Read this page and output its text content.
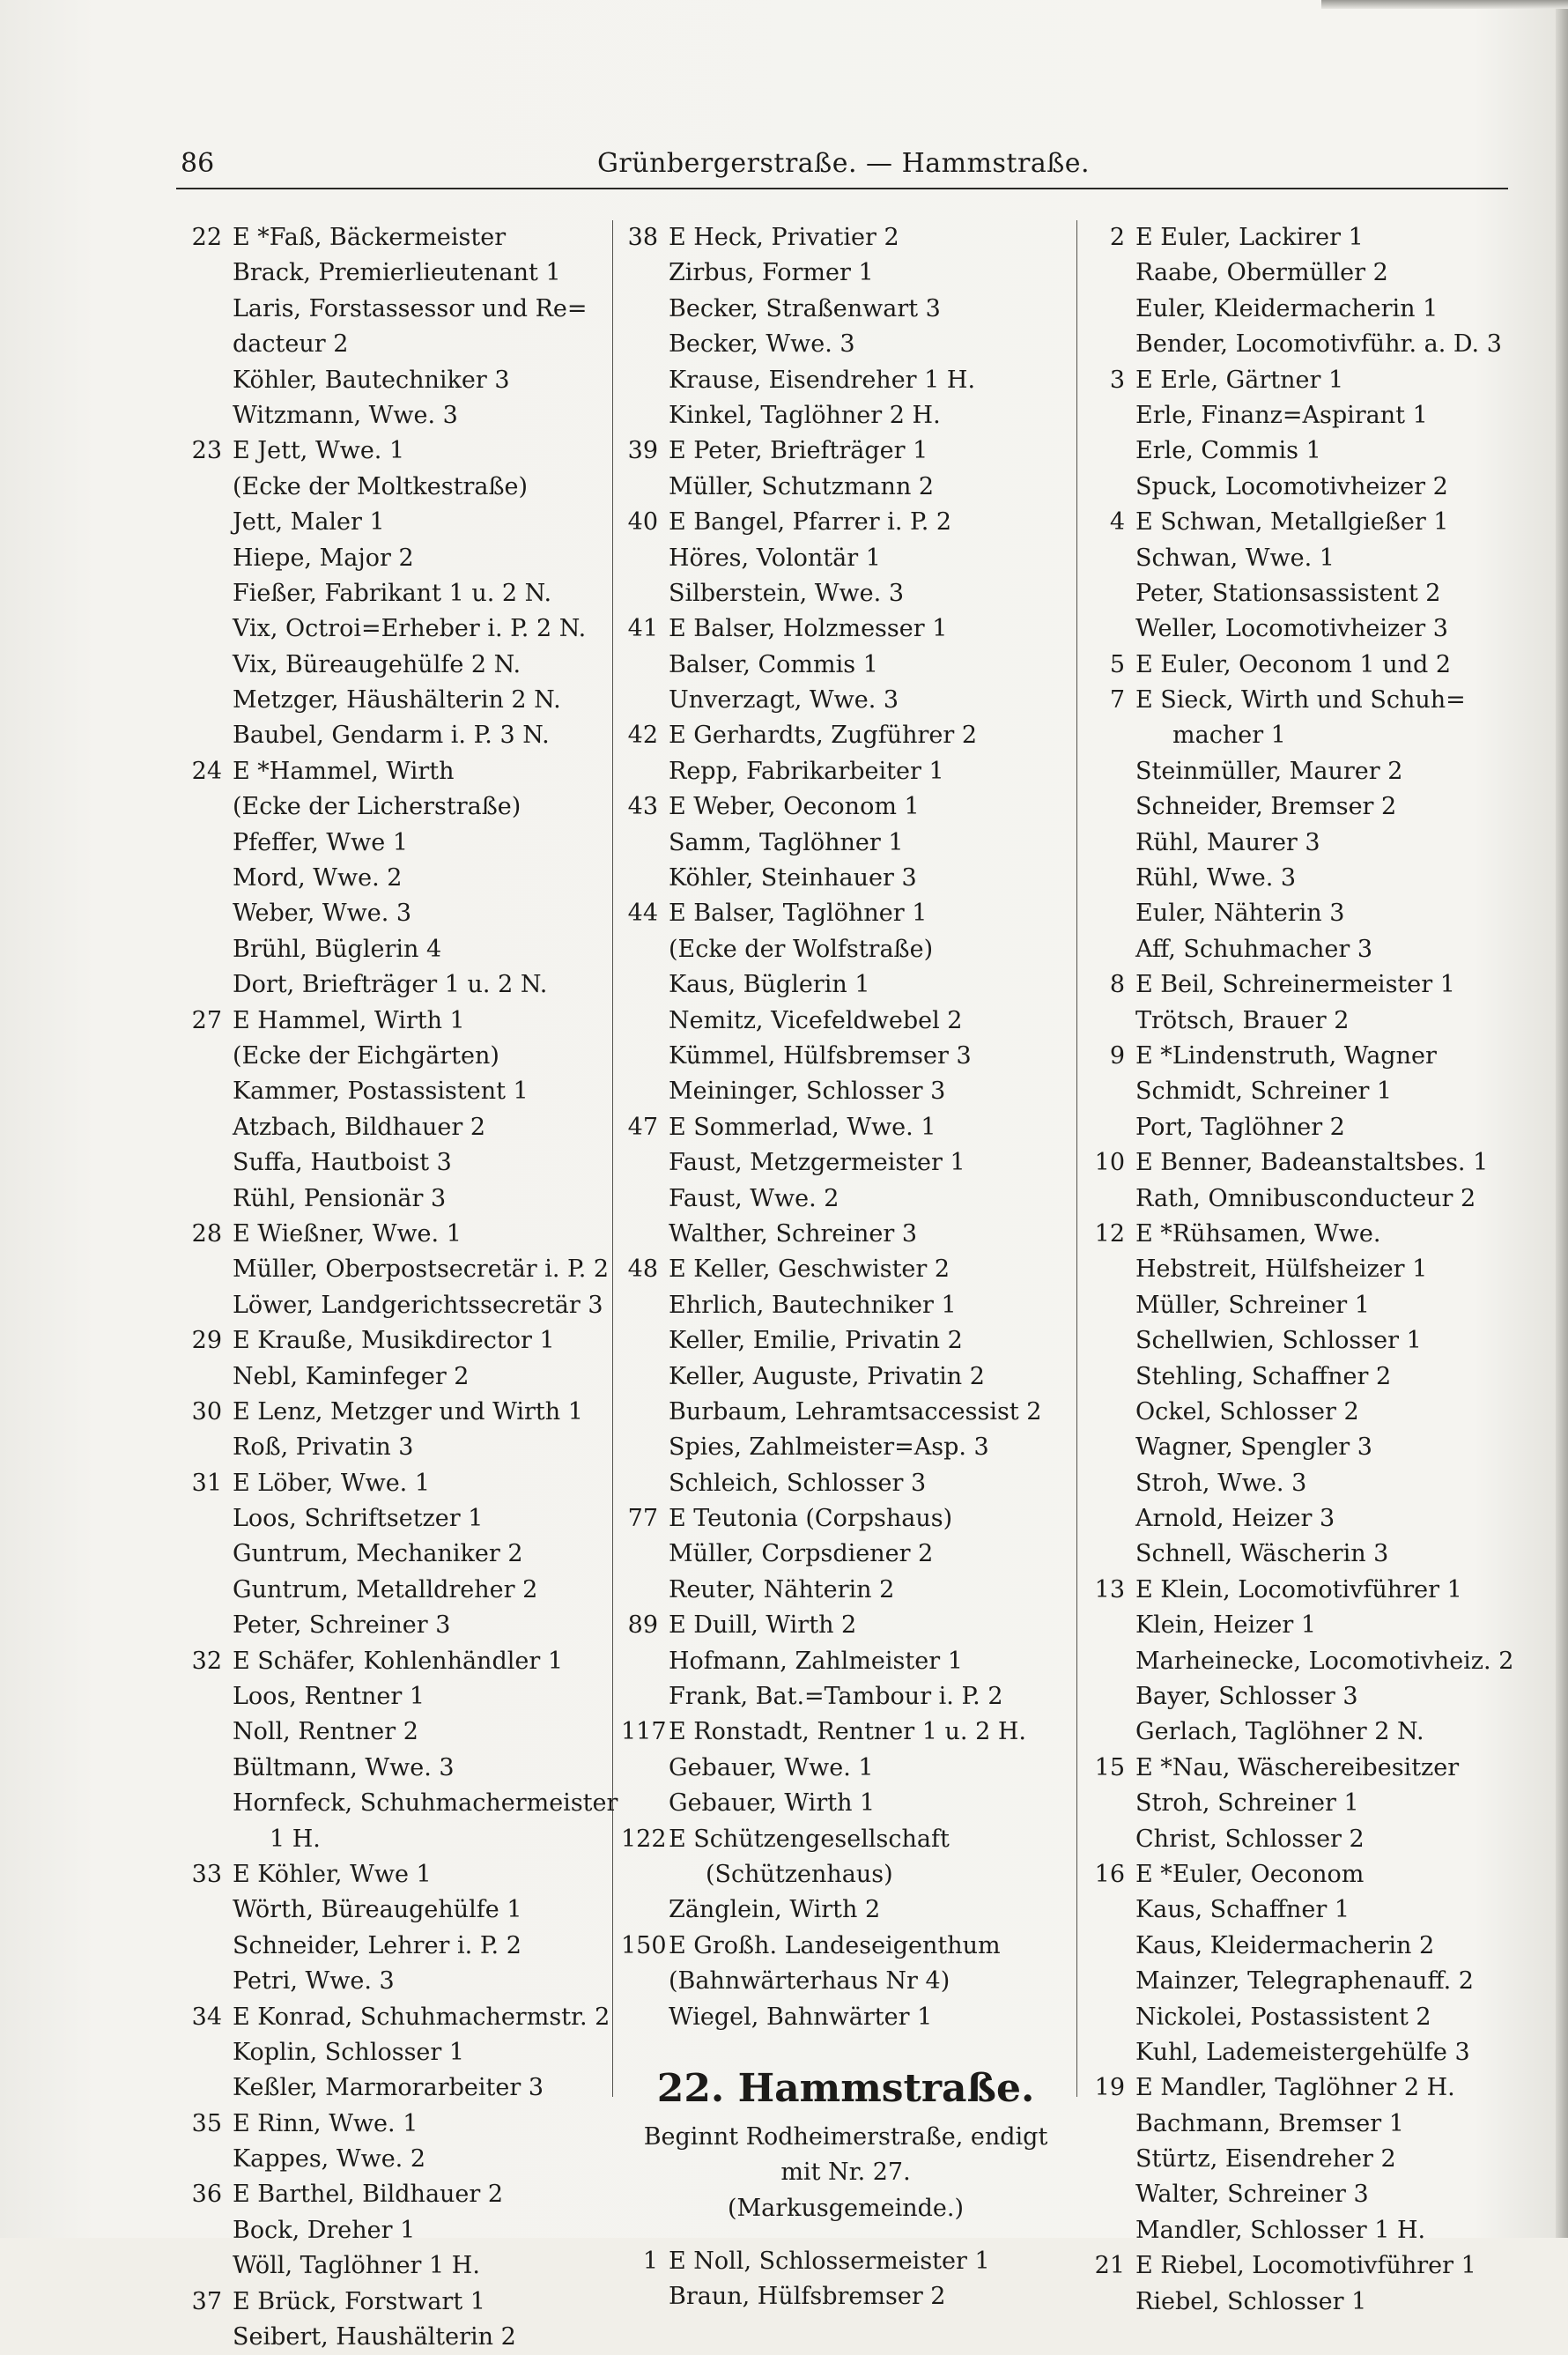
86	Grünbergerstraße. — Hammstraße.
22 E *Faß, Bäckermeister
Brack, Premierlieutenant 1
Laris, Forstassessor und Re=
dacteur 2
Köhler, Bautechniker 3
Witzmann, Wwe. 3
23 E Jett, Wwe. 1
(Ecke der Moltkestraße)
Jett, Maler 1
Hiepe, Major 2
Fießer, Fabrikant 1 u. 2 N.
Vix, Octroi=Erheber i. P. 2 N.
Vix, Büreaugehülfe 2 N.
Metzger, Häushälterin 2 N.
Baubel, Gendarm i. P. 3 N.
24 E *Hammel, Wirth
(Ecke der Licherstraße)
Pfeffer, Wwe 1
Mord, Wwe. 2
Weber, Wwe. 3
Brühl, Büglerin 4
Dort, Briefträger 1 u. 2 N.
27 E Hammel, Wirth 1
(Ecke der Eichgärten)
Kammer, Postassistent 1
Atzbach, Bildhauer 2
Suffa, Hautboist 3
Rühl, Pensionär 3
28 E Wießner, Wwe. 1
Müller, Oberpostsecretär i. P. 2
Löwer, Landgerichtssecretär 3
29 E Kraußе, Musikdirector 1
Nebl, Kaminfeger 2
30 E Lenz, Metzger und Wirth 1
Roß, Privatin 3
31 E Löber, Wwe. 1
Loos, Schriftsetzer 1
Guntrum, Mechaniker 2
Guntrum, Metalldreher 2
Peter, Schreiner 3
32 E Schäfer, Kohlenhändler 1
Loos, Rentner 1
Noll, Rentner 2
Bültmann, Wwe. 3
Hornfeck, Schuhmachermeister
1 H.
33 E Köhler, Wwe 1
Wörth, Büreaugehülfe 1
Schneider, Lehrer i. P. 2
Petri, Wwe. 3
34 E Konrad, Schuhmachermstr. 2
Koplin, Schlosser 1
Keßler, Marmorarbeiter 3
35 E Rinn, Wwe. 1
Kappes, Wwe. 2
36 E Barthel, Bildhauer 2
Bock, Dreher 1
Wöll, Taglöhner 1 H.
37 E Brück, Forstwart 1
Seibert, Haushälterin 2
38 E Heck, Privatier 2
Zirbus, Former 1
Becker, Straßenwart 3
Becker, Wwe. 3
Krause, Eisendreher 1 H.
Kinkel, Taglöhner 2 H.
39 E Peter, Briefträger 1
Müller, Schutzmann 2
40 E Bangel, Pfarrer i. P. 2
Höres, Volontär 1
Silberstein, Wwe. 3
41 E Balser, Holzmesser 1
Balser, Commis 1
Unverzagt, Wwe. 3
42 E Gerhardts, Zugführer 2
Repp, Fabrikarbeiter 1
43 E Weber, Oeconom 1
Samm, Taglöhner 1
Köhler, Steinhauer 3
44 E Balser, Taglöhner 1
(Ecke der Wolfstraße)
Kaus, Büglerin 1
Nemitz, Vicefeldwebel 2
Kümmel, Hülfsbremser 3
Meininger, Schlosser 3
47 E Sommerlad, Wwe. 1
Faust, Metzgermeister 1
Faust, Wwe. 2
Walther, Schreiner 3
48 E Keller, Geschwister 2
Ehrlich, Bautechniker 1
Keller, Emilie, Privatin 2
Keller, Auguste, Privatin 2
Burbaum, Lehramtsaccessist 2
Spies, Zahlmeister=Asp. 3
Schleich, Schlosser 3
77 E Teutonia (Corpshaus)
Müller, Corpsdiener 2
Reuter, Nähterin 2
89 E Duill, Wirth 2
Hofmann, Zahlmeister 1
Frank, Bat.=Tambour i. P. 2
117E Ronstadt, Rentner 1 u. 2 H.
Gebauer, Wwe. 1
Gebauer, Wirth 1
122E Schützengesellschaft
(Schützenhaus)
Zänglein, Wirth 2
150E Großh. Landeseigenthum
(Bahnwärterhaus Nr 4)
Wiegel, Bahnwärter 1
22. Hammstraße.
Beginnt Rodheimerstraße, endigt
mit Nr. 27.
(Markusgemeinde.)
1 E Noll, Schlossermeister 1
Braun, Hülfsbremser 2
2 E Euler, Lackirer 1
Raabe, Obermüller 2
Euler, Kleidermacherin 1
Bender, Locomotivführ. a. D. 3
3 E Erle, Gärtner 1
Erle, Finanz=Aspirant 1
Erle, Commis 1
Spuck, Locomotivheizer 2
4 E Schwan, Metallgießer 1
Schwan, Wwe. 1
Peter, Stationsassistent 2
Weller, Locomotivheizer 3
5 E Euler, Oeconom 1 und 2
7 E Sieck, Wirth und Schuh=
macher 1
Steinmüller, Maurer 2
Schneider, Bremser 2
Rühl, Maurer 3
Rühl, Wwe. 3
Euler, Nähterin 3
Aff, Schuhmacher 3
8 E Beil, Schreinermeister 1
Trötsch, Brauer 2
9 E *Lindenstruth, Wagner
Schmidt, Schreiner 1
Port, Taglöhner 2
10 E Benner, Badeanstaltsbes. 1
Rath, Omnibusconducteur 2
12 E *Rühsamen, Wwe.
Hebstreit, Hülfsheizer 1
Müller, Schreiner 1
Schellwien, Schlosser 1
Stehling, Schaffner 2
Ockel, Schlosser 2
Wagner, Spengler 3
Stroh, Wwe. 3
Arnold, Heizer 3
Schnell, Wäscherin 3
13 E Klein, Locomotivführer 1
Klein, Heizer 1
Marheinecke, Locomotivheiz. 2
Bayer, Schlosser 3
Gerlach, Taglöhner 2 N.
15 E *Nau, Wäschereibesitzer
Stroh, Schreiner 1
Christ, Schlosser 2
16 E *Euler, Oeconom
Kaus, Schaffner 1
Kaus, Kleidermacherin 2
Mainzer, Telegraphenauff. 2
Nickolei, Postassistent 2
Kuhl, Lademeistergehülfe 3
19 E Mandler, Taglöhner 2 H.
Bachmann, Bremser 1
Stürtz, Eisendreher 2
Walter, Schreiner 3
Mandler, Schlosser 1 H.
21 E Riebel, Locomotivführer 1
Riebel, Schlosser 1
